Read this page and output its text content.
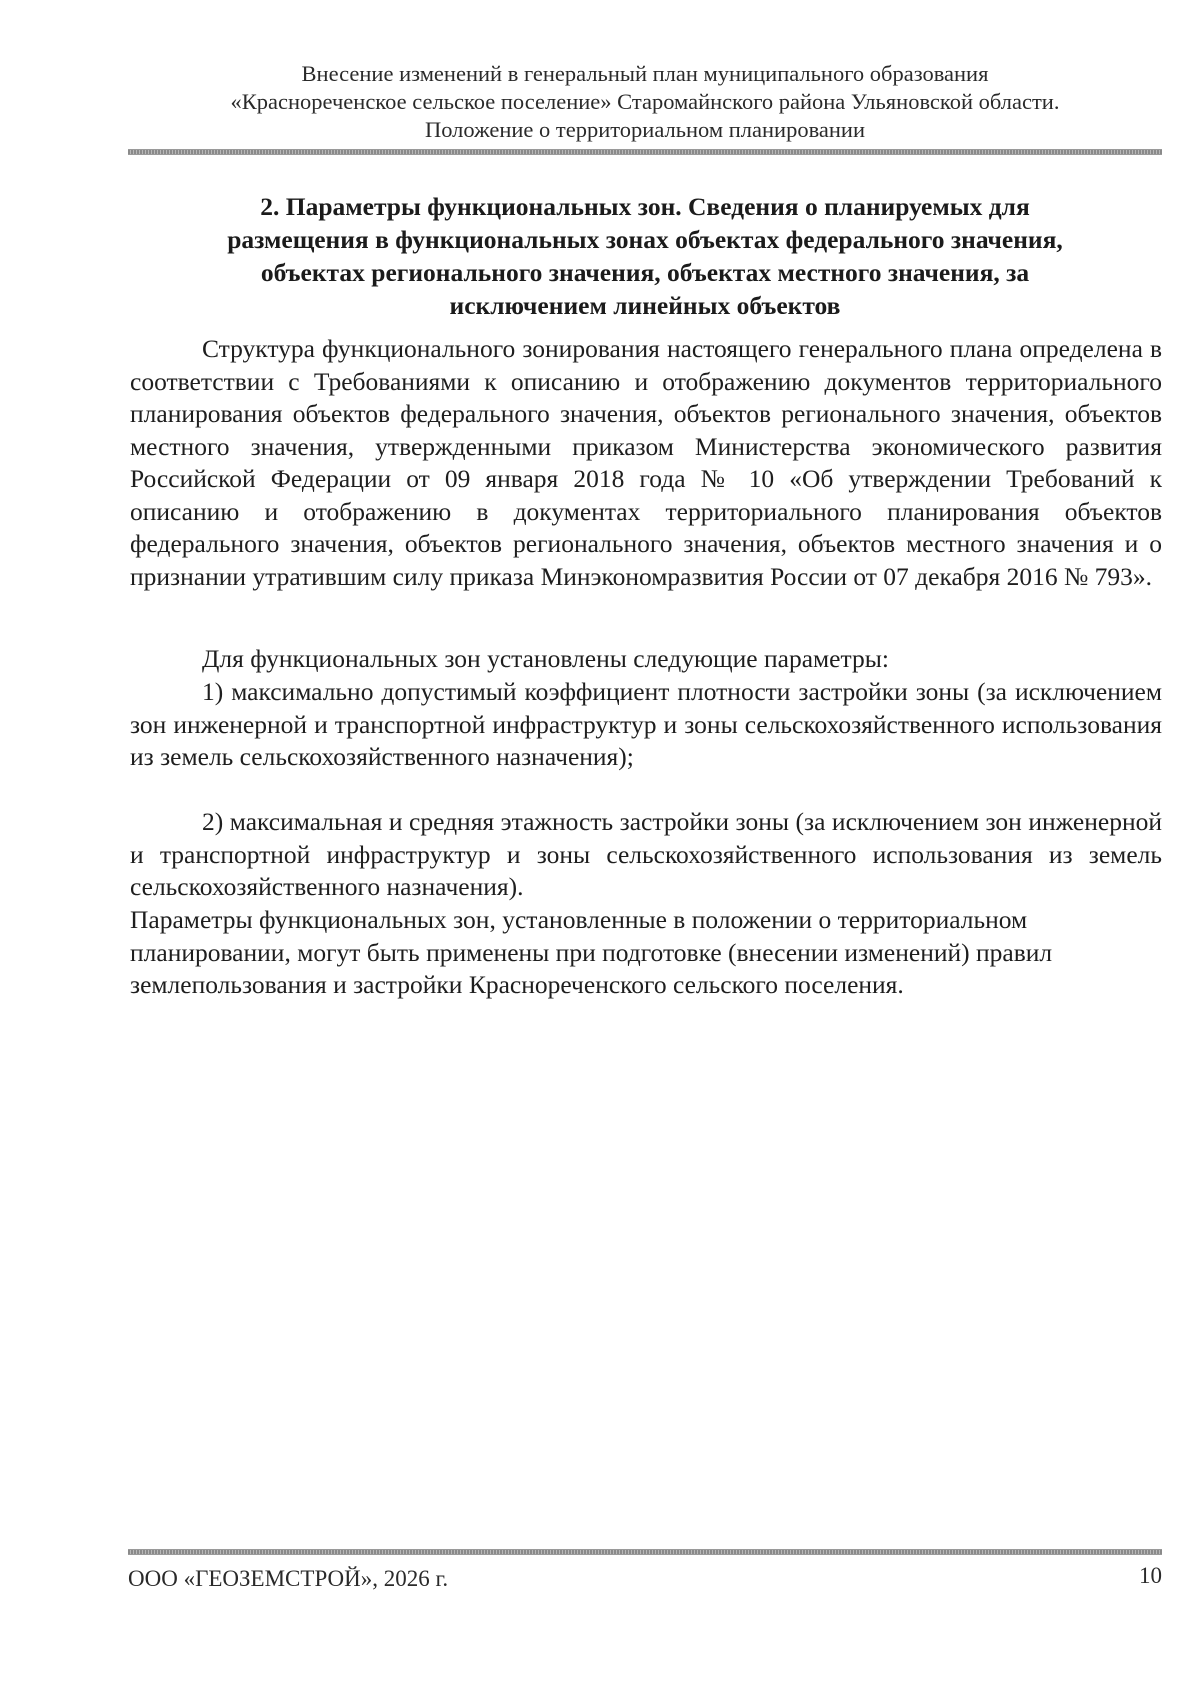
Внесение изменений в генеральный план муниципального образования
«Красноречeнское сельское поселение» Старомайнского района Ульяновской области.
Положение о территориальном планировании
2. Параметры функциональных зон. Сведения о планируемых для
размещения в функциональных зонах объектах федерального значения,
объектах регионального значения, объектах местного значения, за
исключением линейных объектов
Структура функционального зонирования настоящего генерального плана определена в соответствии с Требованиями к описанию и отображению документов территориального планирования объектов федерального значения, объектов регионального значения, объектов местного значения, утвержденными приказом Министерства экономического развития Российской Федерации от 09 января 2018 года № 10 «Об утверждении Требований к описанию и отображению в документах территориального планирования объектов федерального значения, объектов регионального значения, объектов местного значения и о признании утратившим силу приказа Минэкономразвития России от 07 декабря 2016 № 793».
Для функциональных зон установлены следующие параметры:
1) максимально допустимый коэффициент плотности застройки зоны (за исключением зон инженерной и транспортной инфраструктур и зоны сельскохозяйственного использования из земель сельскохозяйственного назначения);
2) максимальная и средняя этажность застройки зоны (за исключением зон инженерной и транспортной инфраструктур и зоны сельскохозяйственного использования из земель сельскохозяйственного назначения).
Параметры функциональных зон, установленные в положении о территориальном планировании, могут быть применены при подготовке (внесении изменений) правил землепользования и застройки Краснореченского сельского поселения.
ООО «ГЕОЗЕМСТРОЙ», 2026 г.	10
